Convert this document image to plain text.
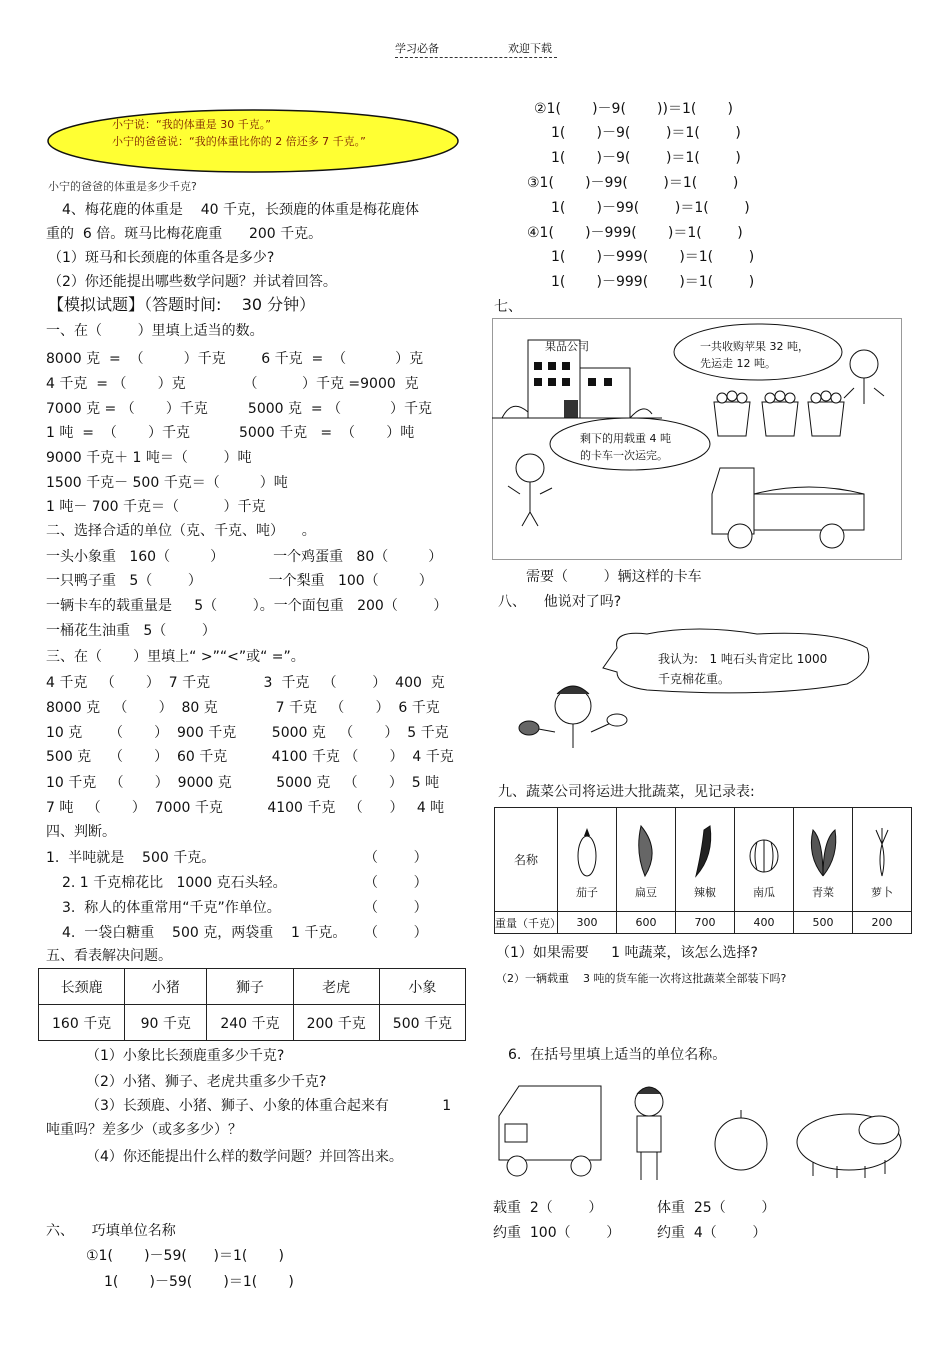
学习必备	欢迎下载
小宁说：“我的体重是 30 千克。”
小宁的爸爸说：“我的体重比你的 2 倍还多 7 千克。”
小宁的爸爸的体重是多少千克?
4、梅花鹿的体重是    40 千克，长颈鹿的体重是梅花鹿体
重的  6 倍。斑马比梅花鹿重      200 千克。
（1）斑马和长颈鹿的体重各是多少?
（2）你还能提出哪些数学问题？并试着回答。
【模拟试题】（答题时间:    30 分钟）
一、在（        ）里填上适当的数。
8000 克  =  （         ）千克        6 千克  =  （           ）克
4 千克  = （       ）克             （          ）千克 =9000  克
7000 克 = （       ）千克         5000 克  = （           ）千克
1 吨  =  （       ）千克           5000 千克   =  （       ）吨
9000 千克＋ 1 吨＝（        ）吨
1500 千克－ 500 千克＝（         ）吨
1 吨－ 700 千克＝（          ）千克
二、选择合适的单位（克、千克、吨）    。
一头小象重   160（         ）           一个鸡蛋重   80（         ）
一只鸭子重   5（        ）               一个梨重   100（         ）
一辆卡车的载重量是     5（        ）。一个面包重   200（        ）
一桶花生油重   5（        ）
三、在（       ）里填上“ >”“<”或“ =”。
4 千克   （       ）  7 千克            3  千克   （        ）  400  克
8000 克   （       ）  80 克             7 千克   （       ）  6 千克
10 克      （       ）  900 千克        5000 克   （       ）  5 千克
500 克    （       ）  60 千克          4100 千克 （       ）  4 千克
10 千克   （       ）  9000 克          5000 克   （       ）  5 吨
7 吨   （       ）  7000 千克          4100 千克   （      ）   4 吨
四、判断。
1.  半吨就是    500 千克。	（        ）
2. 1 千克棉花比   1000 克石头轻。	（        ）
3.  称人的体重常用“千克”作单位。	（        ）
4.  一袋白糖重    500 克，两袋重    1 千克。 （        ）
五、看表解决问题。
长颈鹿	小猪	狮子	老虎	小象
160 千克	90 千克	240 千克	200 千克	500 千克
（1）小象比长颈鹿重多少千克?
（2）小猪、狮子、老虎共重多少千克?
（3）长颈鹿、小猪、狮子、小象的体重合起来有            1
吨重吗？差多少（或多多少）？
（4）你还能提出什么样的数学问题？并回答出来。
六、    巧填单位名称
①1(       )－59(      )＝1(       )
1(       )－59(       )＝1(       )
②1(       )－9(       ))＝1(       )
1(       )－9(        )＝1(        )
1(       )－9(        )＝1(        )
③1(       )－99(        )＝1(        )
1(       )－99(        )＝1(        )
④1(       )－999(       )＝1(        )
1(       )－999(       )＝1(        )
1(       )－999(       )＝1(        )
七、
果品公司	一共收购苹果 32 吨，
先运走 12 吨。
剩下的用载重 4 吨
的卡车一次运完。
需要（        ）辆这样的卡车
八、    他说对了吗?
我认为:   1 吨石头肯定比 1000
千克棉花重。
九、蔬菜公司将运进大批蔬菜，见记录表:
名称	茄子	扁豆	辣椒	南瓜	青菜	萝卜

重量（千克）	300	600	700	400	500	200
（1）如果需要     1 吨蔬菜，该怎么选择?
（2）一辆载重    3 吨的货车能一次将这批蔬菜全部装下吗?
6.  在括号里填上适当的单位名称。
载重  2（        ）	体重  25（        ）
约重  100（        ）	约重  4（        ）
